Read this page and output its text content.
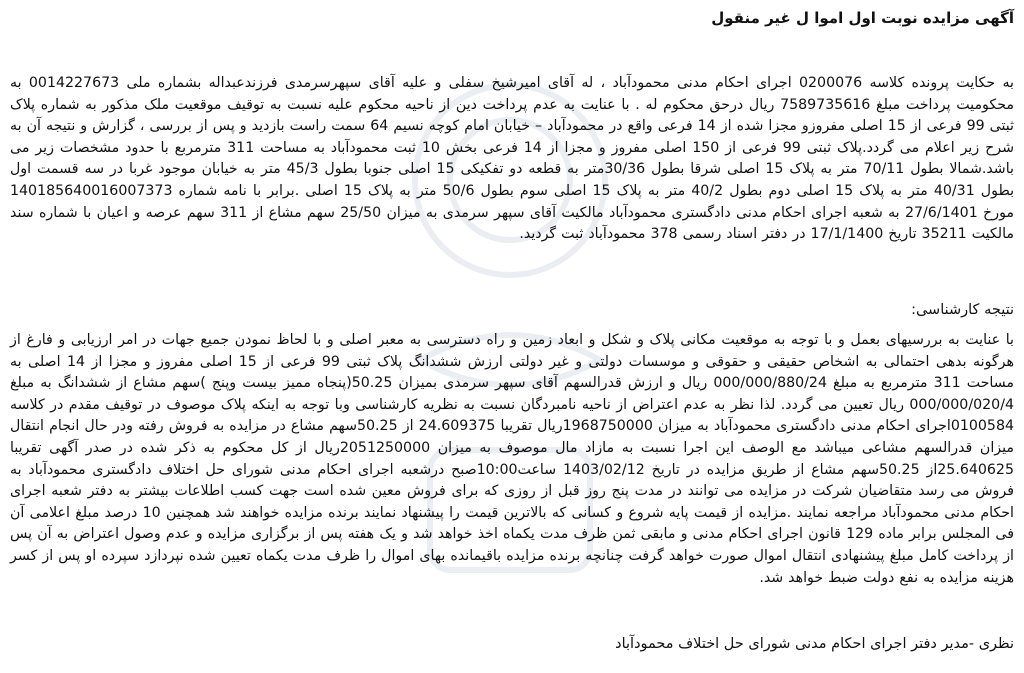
آگهی مزایده نوبت اول اموا ل غیر منقول
به حکایت پرونده کلاسه 0200076 اجرای احکام مدنی محمودآباد ، له آقای امیرشیخ سفلی و علیه آقای سپهرسرمدی فرزندعبداله بشماره ملی 0014227673 به محکومیت پرداخت مبلغ 7589735616 ریال درحق محکوم له . با عنایت به عدم پرداخت دین از ناحیه محکوم علیه نسبت به توقیف موقعیت ملک مذکور به شماره پلاک ثبتی 99 فرعی از 15 اصلی مفروزو مجزا شده از 14 فرعی واقع در محمودآباد – خیابان امام کوچه نسیم 64 سمت راست بازدید و پس از بررسی ، گزارش و نتیجه آن به شرح زیر اعلام می گردد.پلاک ثبتی 99 فرعی از 150 اصلی مفروز و مجزا از 14 فرعی بخش 10 ثبت محمودآباد به مساحت 311 مترمربع با حدود مشخصات زیر می باشد.شمالا بطول 70/11 متر به پلاک 15 اصلی شرقا بطول 30/36متر به قطعه دو تفکیکی 15 اصلی جنوبا بطول 45/3 متر به خیابان موجود غربا در سه قسمت اول بطول 40/31 متر به پلاک 15 اصلی دوم بطول 40/2 متر به پلاک 15 اصلی سوم بطول 50/6 متر به پلاک 15 اصلی .برابر با نامه شماره 140185640016007373 مورخ 27/6/1401 به شعبه اجرای احکام مدنی دادگستری محمودآباد مالکیت آقای سپهر سرمدی به میزان 25/50 سهم مشاع از 311 سهم عرصه و اعیان با شماره سند مالکیت 35211 تاریخ 17/1/1400 در دفتر اسناد رسمی 378 محمودآباد ثبت گردید.
نتیجه کارشناسی:
با عنایت به بررسیهای بعمل و با توجه به موقعیت مکانی پلاک و شکل و ابعاد زمین و راه دسترسی به معبر اصلی و با لحاظ نمودن جمیع جهات در امر ارزیابی و فارغ از هرگونه بدهی احتمالی به اشخاص حقیقی و حقوقی و موسسات دولتی و غیر دولتی ارزش ششدانگ پلاک ثبتی 99 فرعی از 15 اصلی مفروز و مجزا از 14 اصلی به مساحت 311 مترمربع به مبلغ 000/000/880/24 ریال و ارزش قدرالسهم آقای سپهر سرمدی بمیزان 50.25(پنجاه ممیز بیست وپنج )سهم مشاع از ششدانگ به مبلغ 000/000/020/4 ریال تعیین می گردد. لذا نظر به عدم اعتراض از ناحیه نامبردگان نسبت به نظریه کارشناسی وبا توجه به اینکه پلاک موصوف در توقیف مقدم در کلاسه 0100584اجرای احکام مدنی دادگستری محمودآباد به میزان 1968750000ریال تقریبا 24.609375 از 50.25سهم مشاع در مزایده به فروش رفته ودر حال انجام انتقال میزان قدرالسهم مشاعی میباشد مع الوصف این اجرا نسبت به مازاد مال موصوف به میزان 2051250000ریال از کل محکوم به ذکر شده در صدر آگهی تقریبا 25.640625از 50.25سهم مشاع از طریق مزایده در تاریخ 1403/02/12 ساعت10:00صبح درشعبه اجرای احکام مدنی شورای حل اختلاف دادگستری محمودآباد به فروش می رسد متقاضیان شرکت در مزایده می توانند در مدت پنج روز قبل از روزی که برای فروش معین شده است جهت کسب اطلاعات بیشتر به دفتر شعبه اجرای احکام مدنی محمودآباد مراجعه نمایند .مزایده از قیمت پایه شروع و کسانی که بالاترین قیمت را پیشنهاد نمایند برنده مزایده خواهند شد همچنین 10 درصد مبلغ اعلامی آن فی المجلس برابر ماده 129 قانون اجرای احکام مدنی و مابقی ثمن ظرف مدت یکماه اخذ خواهد شد و یک هفته پس از برگزاری مزایده و عدم وصول اعتراض به آن پس از پرداخت کامل مبلغ پیشنهادی انتقال اموال صورت خواهد گرفت چنانچه برنده مزایده باقیمانده بهای اموال را ظرف مدت یکماه تعیین شده نپردازد سپرده او پس از کسر هزینه مزایده به نفع دولت ضبط خواهد شد.
نظری -مدیر دفتر اجرای احکام مدنی شورای حل اختلاف محمودآباد
